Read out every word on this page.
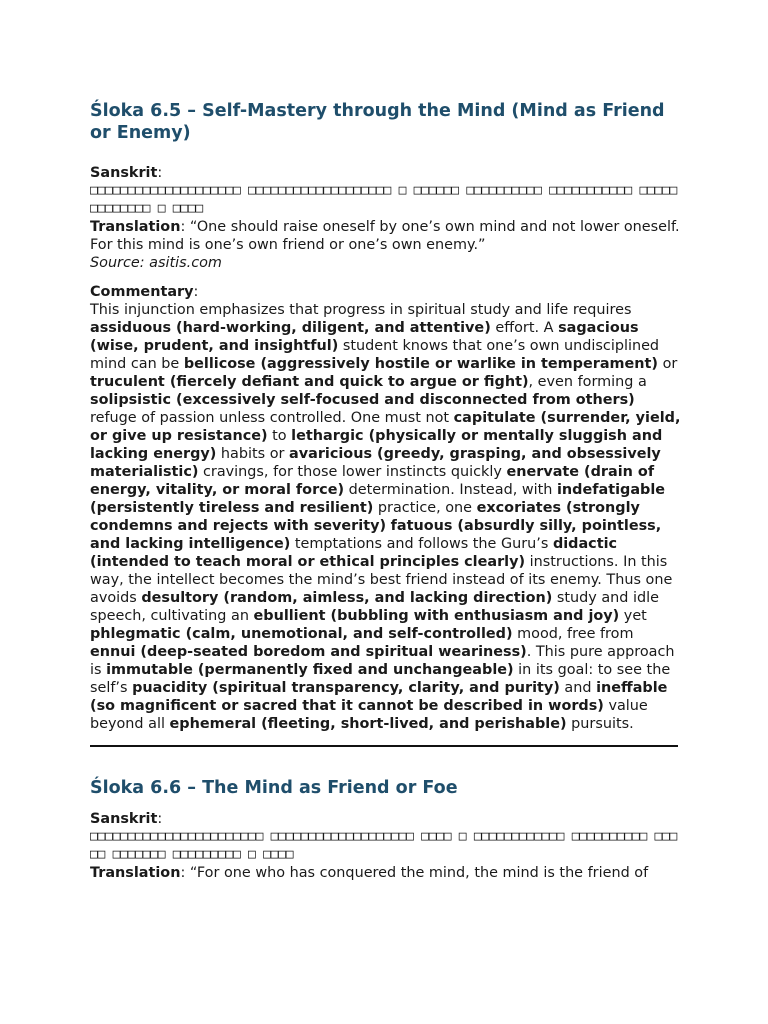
Śloka 6.5 – Self-Mastery through the Mind (Mind as Friend or Enemy)

Sanskrit:

□□□□□□□□□□□□□□□□□□□□ □□□□□□□□□□□□□□□□□□□ □ □□□□□□ □□□□□□□□□□ □□□□□□□□□□□ □□□□□□□□□□□□□ □ □□□□

Translation: “One should raise oneself by one’s own mind and not lower oneself. For this mind is one’s own friend or one’s own enemy.”

Source: asitis.com

Commentary:

This injunction emphasizes that progress in spiritual study and life requires assiduous (hard-working, diligent, and attentive) effort. A sagacious (wise, prudent, and insightful) student knows that one’s own undisciplined mind can be bellicose (aggressively hostile or warlike in temperament) or truculent (fiercely defiant and quick to argue or fight), even forming a solipsistic (excessively self-focused and disconnected from others) refuge of passion unless controlled. One must not capitulate (surrender, yield, or give up resistance) to lethargic (physically or mentally sluggish and lacking energy) habits or avaricious (greedy, grasping, and obsessively materialistic) cravings, for those lower instincts quickly enervate (drain of energy, vitality, or moral force) determination. Instead, with indefatigable (persistently tireless and resilient) practice, one excoriates (strongly condemns and rejects with severity) fatuous (absurdly silly, pointless, and lacking intelligence) temptations and follows the Guru’s didactic (intended to teach moral or ethical principles clearly) instructions. In this way, the intellect becomes the mind’s best friend instead of its enemy. Thus one avoids desultory (random, aimless, and lacking direction) study and idle speech, cultivating an ebullient (bubbling with enthusiasm and joy) yet phlegmatic (calm, unemotional, and self-controlled) mood, free from ennui (deep-seated boredom and spiritual weariness). This pure approach is immutable (permanently fixed and unchangeable) in its goal: to see the self’s puacidity (spiritual transparency, clarity, and purity) and ineffable (so magnificent or sacred that it cannot be described in words) value beyond all ephemeral (fleeting, short-lived, and perishable) pursuits.

Śloka 6.6 – The Mind as Friend or Foe

Sanskrit:

□□□□□□□□□□□□□□□□□□□□□□□ □□□□□□□□□□□□□□□□□□□ □□□□ □ □□□□□□□□□□□□ □□□□□□□□□□ □□□□□ □□□□□□□ □□□□□□□□□ □ □□□□

Translation: “For one who has conquered the mind, the mind is the friend of
